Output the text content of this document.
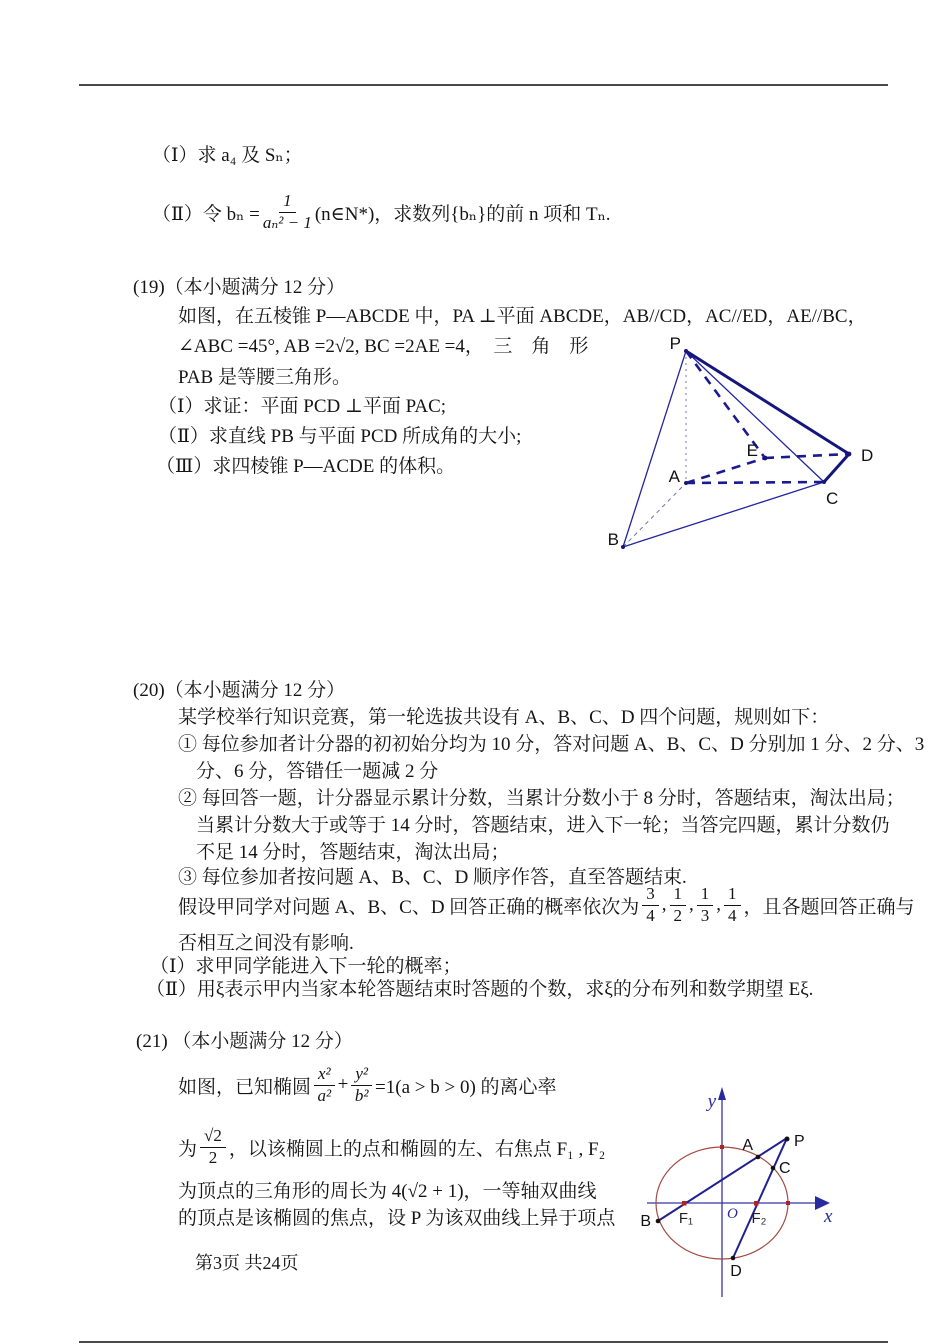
（Ⅰ）求 a₄ 及 Sₙ；
（Ⅱ）令 $b_n = \frac{1}{\text{aₙ² − 1}}$ (n∈N*)，求数列{bₙ}的前 n 项和 Tₙ.
(19)（本小题满分 12 分）
如图，在五棱锥 P—ABCDE 中，PA ⊥平面 ABCDE，AB//CD，AC//ED，AE//BC，
∠ABC =45°, AB =2√2, BC =2AE =4，　三　角　形
PAB 是等腰三角形。
（Ⅰ）求证：平面 PCD ⊥平面 PAC;
（Ⅱ）求直线 PB 与平面 PCD 所成角的大小;
（Ⅲ）求四棱锥 P—ACDE 的体积。
P
B
A
E
C
D
(20)（本小题满分 12 分）
某学校举行知识竞赛，第一轮选拔共设有 A、B、C、D 四个问题，规则如下：
① 每位参加者计分器的初初始分均为 10 分，答对问题 A、B、C、D 分别加 1 分、2 分、3
分、6 分，答错任一题减 2 分
② 每回答一题，计分器显示累计分数，当累计分数小于 8 分时，答题结束，淘汰出局；
当累计分数大于或等于 14 分时，答题结束，进入下一轮；当答完四题，累计分数仍
不足 14 分时，答题结束，淘汰出局；
③ 每位参加者按问题 A、B、C、D 顺序作答，直至答题结束.
假设甲同学对问题 A、B、C、D 回答正确的概率依次为 $\frac{3}{4}$ , $\frac{1}{2}$ , $\frac{1}{3}$ , $\frac{1}{4}$ ，且各题回答正确与
否相互之间没有影响.
（Ⅰ）求甲同学能进入下一轮的概率；
（Ⅱ）用ξ表示甲内当家本轮答题结束时答题的个数，求ξ的分布列和数学期望 Eξ.
(21) （本小题满分 12 分）
如图，已知椭圆 $\frac{\text{x²}}{\text{a²}} + \frac{\text{y²}}{\text{b²}} =1(a > b > 0)$ 的离心率
为 $\frac{√2}{2}$ ，以该椭圆上的点和椭圆的左、右焦点 F₁ , F₂
为顶点的三角形的周长为 4(√2 + 1)，一等轴双曲线
的顶点是该椭圆的焦点，设 P 为该双曲线上异于项点
y
x
O
F₁	F₂
A	P
C
B
D
第3页 共24页
